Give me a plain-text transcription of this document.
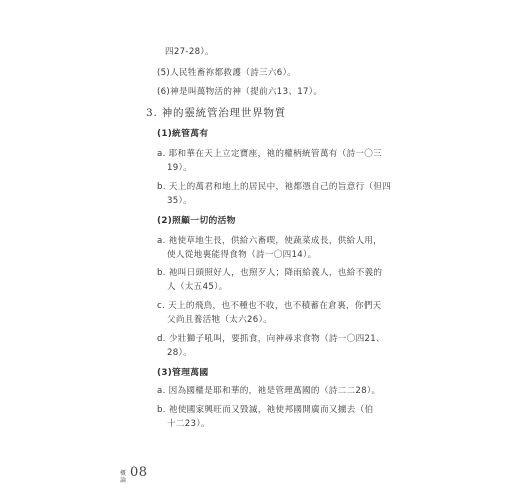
四27-28）。
(5)人民牲畜祢都救護（詩三六6）。
(6)神是叫萬物活的神（提前六13、17）。
3. 神的靈統管治理世界物質
(1)統管萬有
a. 耶和華在天上立定寶座，祂的權柄統管萬有（詩一〇三
19）。
b. 天上的萬君和地上的居民中，祂都憑自己的旨意行（但四
35）。
(2)照顧一切的活物
a. 祂使草地生長，供給六畜喫，使蔬菜成長，供給人用，
使人從地裏能得食物（詩一〇四14）。
b. 祂叫日頭照好人，也照歹人；降雨給義人，也給不義的
人（太五45）。
c. 天上的飛鳥，也不種也不收，也不積蓄在倉裏，你們天
父尚且養活牠（太六26）。
d. 少壯獅子吼叫，要抓食，向神尋求食物（詩一〇四21、
28）。
(3)管理萬國
a. 因為國權是耶和華的，祂是管理萬國的（詩二二28）。
b. 祂使國家興旺而又毀滅，祂使邦國開廣而又擄去（伯
十二23）。
概論
08
